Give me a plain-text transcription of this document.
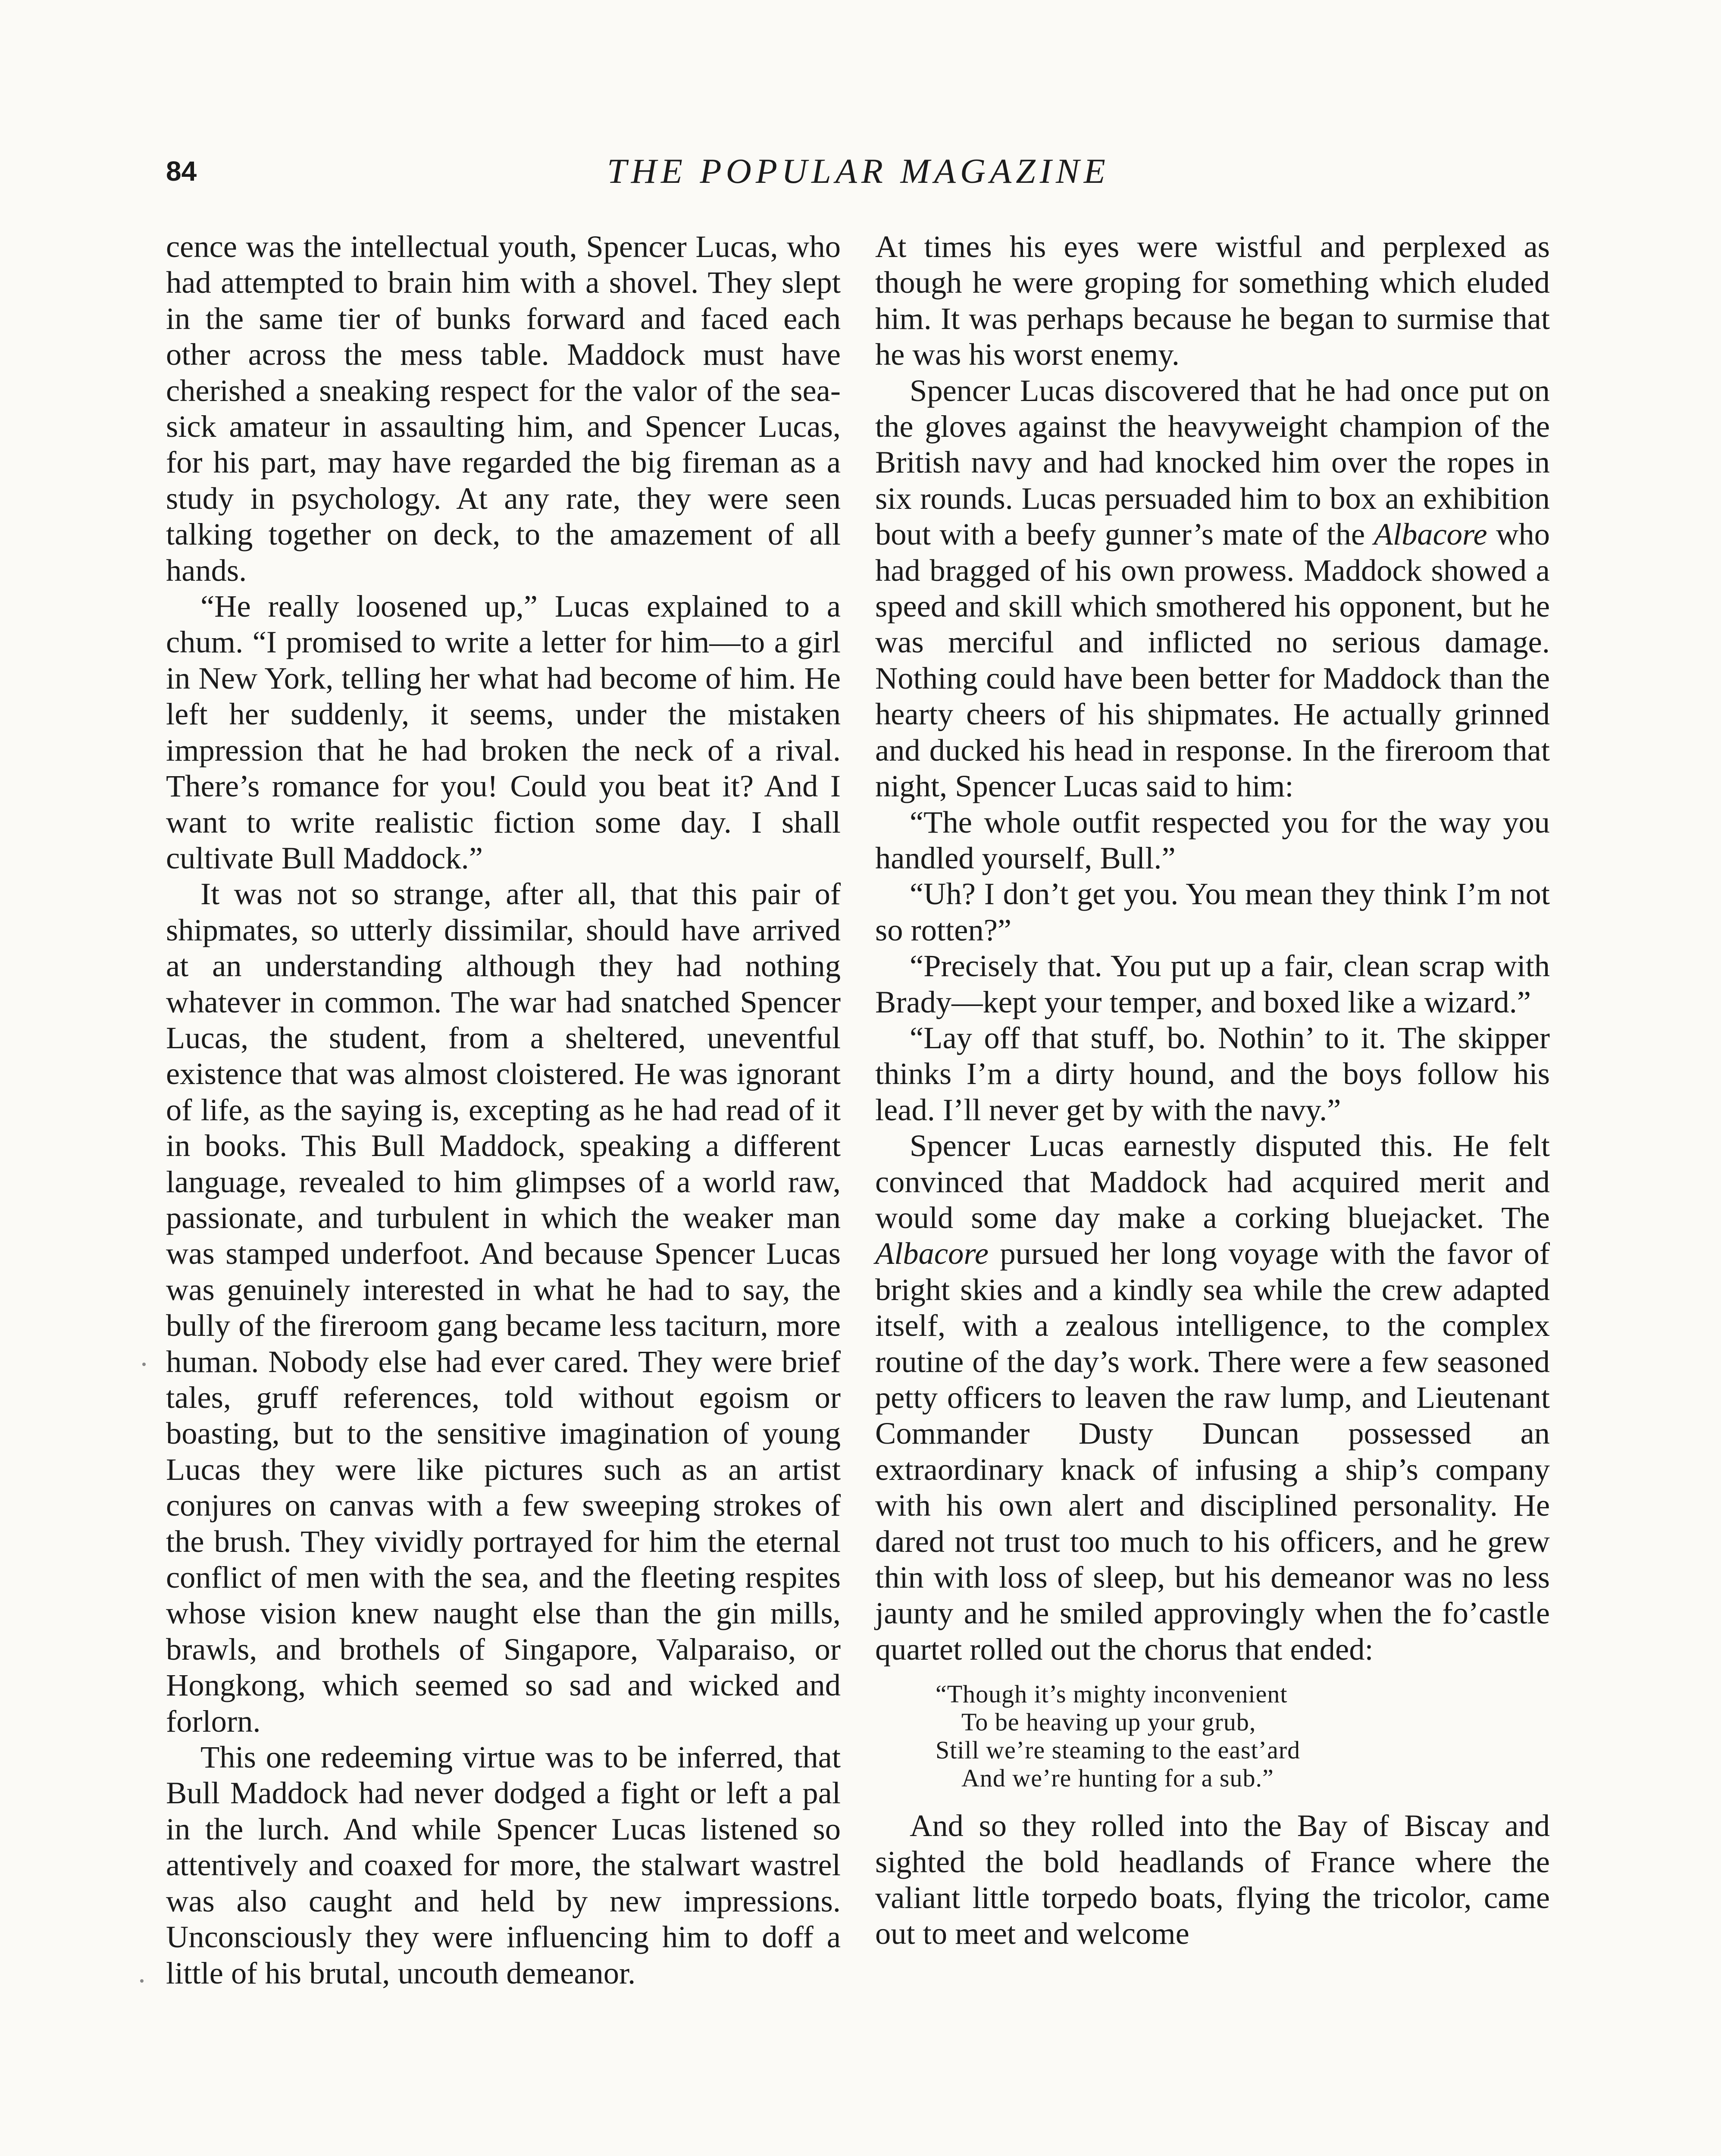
84	THE POPULAR MAGAZINE

cence was the intellectual youth, Spencer Lucas, who had attempted to brain him with a shovel. They slept in the same tier of bunks forward and faced each other across the mess table. Maddock must have cherished a sneaking respect for the valor of the sea-sick amateur in assaulting him, and Spencer Lucas, for his part, may have regarded the big fireman as a study in psychology. At any rate, they were seen talking together on deck, to the amazement of all hands.

“He really loosened up,” Lucas explained to a chum. “I promised to write a letter for him—to a girl in New York, telling her what had become of him. He left her suddenly, it seems, under the mistaken impression that he had broken the neck of a rival. There’s romance for you! Could you beat it? And I want to write realistic fiction some day. I shall cultivate Bull Maddock.”

It was not so strange, after all, that this pair of shipmates, so utterly dissimilar, should have arrived at an understanding although they had nothing whatever in common. The war had snatched Spencer Lucas, the student, from a sheltered, uneventful existence that was almost cloistered. He was ignorant of life, as the saying is, excepting as he had read of it in books. This Bull Maddock, speaking a different language, revealed to him glimpses of a world raw, passionate, and turbulent in which the weaker man was stamped underfoot. And because Spencer Lucas was genuinely interested in what he had to say, the bully of the fireroom gang became less taciturn, more human. Nobody else had ever cared. They were brief tales, gruff references, told without egoism or boasting, but to the sensitive imagination of young Lucas they were like pictures such as an artist conjures on canvas with a few sweeping strokes of the brush. They vividly portrayed for him the eternal conflict of men with the sea, and the fleeting respites whose vision knew naught else than the gin mills, brawls, and brothels of Singapore, Valparaiso, or Hongkong, which seemed so sad and wicked and forlorn.

This one redeeming virtue was to be inferred, that Bull Maddock had never dodged a fight or left a pal in the lurch. And while Spencer Lucas listened so attentively and coaxed for more, the stalwart wastrel was also caught and held by new impressions. Unconsciously they were influencing him to doff a little of his brutal, uncouth demeanor.

At times his eyes were wistful and perplexed as though he were groping for something which eluded him. It was perhaps because he began to surmise that he was his worst enemy.

Spencer Lucas discovered that he had once put on the gloves against the heavyweight champion of the British navy and had knocked him over the ropes in six rounds. Lucas persuaded him to box an exhibition bout with a beefy gunner’s mate of the Albacore who had bragged of his own prowess. Maddock showed a speed and skill which smothered his opponent, but he was merciful and inflicted no serious damage. Nothing could have been better for Maddock than the hearty cheers of his shipmates. He actually grinned and ducked his head in response. In the fireroom that night, Spencer Lucas said to him:

“The whole outfit respected you for the way you handled yourself, Bull.”

“Uh? I don’t get you. You mean they think I’m not so rotten?”

“Precisely that. You put up a fair, clean scrap with Brady—kept your temper, and boxed like a wizard.”

“Lay off that stuff, bo. Nothin’ to it. The skipper thinks I’m a dirty hound, and the boys follow his lead. I’ll never get by with the navy.”

Spencer Lucas earnestly disputed this. He felt convinced that Maddock had acquired merit and would some day make a corking bluejacket. The Albacore pursued her long voyage with the favor of bright skies and a kindly sea while the crew adapted itself, with a zealous intelligence, to the complex routine of the day’s work. There were a few seasoned petty officers to leaven the raw lump, and Lieutenant Commander Dusty Duncan possessed an extraordinary knack of infusing a ship’s company with his own alert and disciplined personality. He dared not trust too much to his officers, and he grew thin with loss of sleep, but his demeanor was no less jaunty and he smiled approvingly when the fo’castle quartet rolled out the chorus that ended:

“Though it’s mighty inconvenient
To be heaving up your grub,
Still we’re steaming to the east’ard
And we’re hunting for a sub.”

And so they rolled into the Bay of Biscay and sighted the bold headlands of France where the valiant little torpedo boats, flying the tricolor, came out to meet and welcome
